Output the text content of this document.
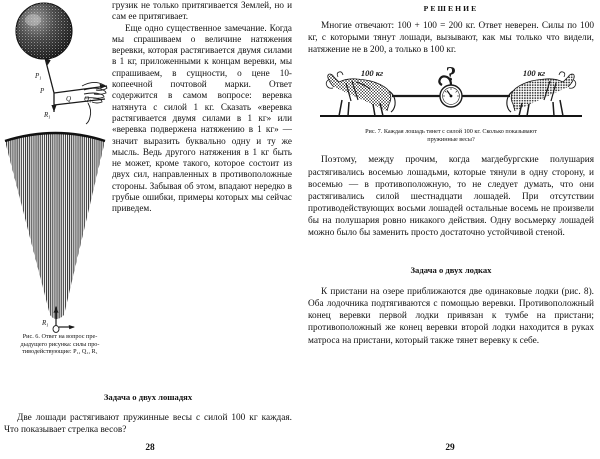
$P_1$
P
$R_1$
Q $Q_1$

Рис. 6. Ответ на вопрос пре-

дыдущего рисунка: силы про-

тиводействующие: P₁, Q₁, R₁

$R_1$

грузик не только притягивается Землей, но и сам ее притягивает.

Еще одно существенное замечание. Когда мы спрашиваем о величине натяжения веревки, которая растягивается двумя силами в 1 кг, приложенными к концам веревки, мы спрашиваем, в сущности, о цене 10-копеечной почтовой марки. Ответ содержится в самом вопросе: веревка натянута с силой 1 кг. Сказать «веревка растягивается двумя силами в 1 кг» или «веревка подвержена натяжению в 1 кг» — значит выразить буквально одну и ту же мысль. Ведь другого натяжения в 1 кг быть не может, кроме такого, которое состоит из двух сил, направленных в противоположные стороны. Забывая об этом, впадают нередко в грубые ошибки, примеры которых мы сейчас приведем.

Задача о двух лошадях

Две лошади растягивают пружинные весы с силой 100 кг каждая. Что показывает стрелка весов?

28
РЕШЕНИЕ

Многие отвечают: 100 + 100 = 200 кг. Ответ неверен. Силы по 100 кг, с которыми тянут лошади, вызывают, как мы только что видели, натяжение не в 200, а только в 100 кг.

?
100 кг	100 кг

Рис. 7. Каждая лошадь тянет с силой 100 кг. Сколько показывают

пружинные весы?

Поэтому, между прочим, когда магдебургские полушария растягивались восемью лошадьми, которые тянули в одну сторону, и восемью — в противоположную, то не следует думать, что они растягивались силой шестнадцати лошадей. При отсутствии противодействующих восьми лошадей остальные восемь не произвели бы на полушария ровно никакого действия. Одну восьмерку лошадей можно было бы заменить просто достаточно устойчивой стеной.

Задача о двух лодках

К пристани на озере приближаются две одинаковые лодки (рис. 8). Оба лодочника подтягиваются с помощью веревки. Противоположный конец веревки первой лодки привязан к тумбе на пристани; противоположный же конец веревки второй лодки находится в руках матроса на пристани, который также тянет веревку к себе.

29
